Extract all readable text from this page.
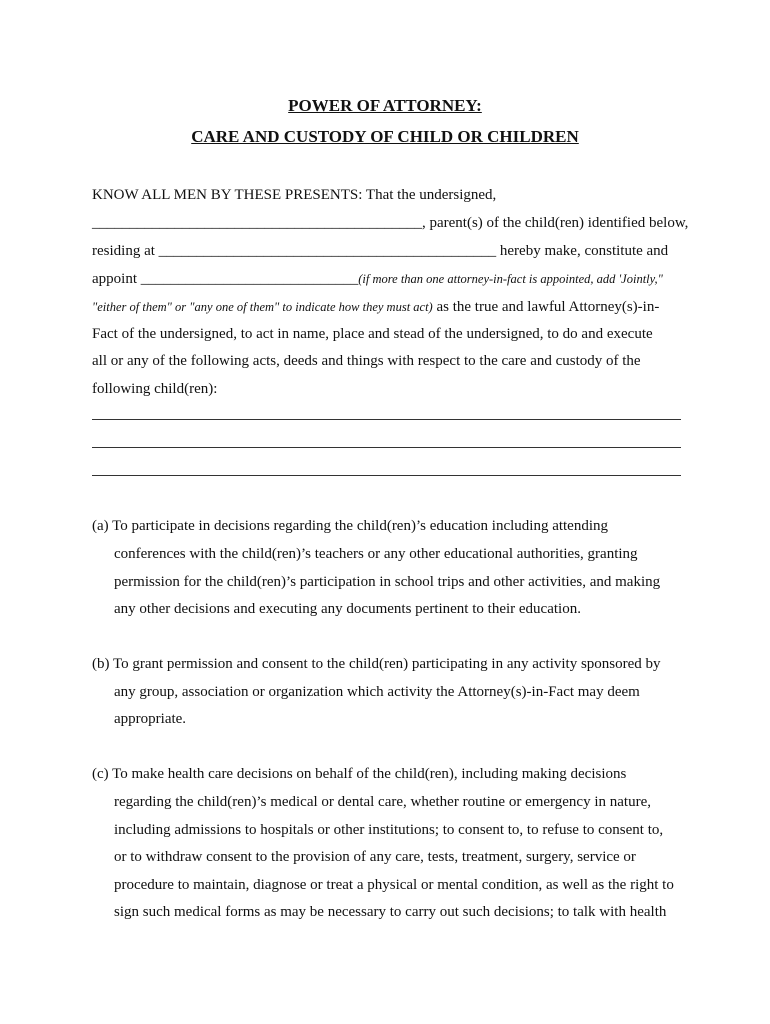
POWER OF ATTORNEY:
CARE AND CUSTODY OF CHILD OR CHILDREN
KNOW ALL MEN BY THESE PRESENTS: That the undersigned,
____________________________________________, parent(s) of the child(ren) identified below,
residing at _____________________________________________ hereby make, constitute and
appoint _____________________________(if more than one attorney-in-fact is appointed, add 'Jointly,"
"either of them" or "any one of them" to indicate how they must act) as the true and lawful Attorney(s)-in-
Fact of the undersigned, to act in name, place and stead of the undersigned, to do and execute
all or any of the following acts, deeds and things with respect to the care and custody of the
following child(ren):
(a) To participate in decisions regarding the child(ren)’s education including attending
conferences with the child(ren)’s teachers or any other educational authorities, granting
permission for the child(ren)’s participation in school trips and other activities, and making
any other decisions and executing any documents pertinent to their education.
(b) To grant permission and consent to the child(ren) participating in any activity sponsored by
any group, association or organization which activity the Attorney(s)-in-Fact may deem
appropriate.
(c) To make health care decisions on behalf of the child(ren), including making decisions
regarding the child(ren)’s medical or dental care, whether routine or emergency in nature,
including admissions to hospitals or other institutions; to consent to, to refuse to consent to,
or to withdraw consent to the provision of any care, tests, treatment, surgery, service or
procedure to maintain, diagnose or treat a physical or mental condition, as well as the right to
sign such medical forms as may be necessary to carry out such decisions; to talk with health
